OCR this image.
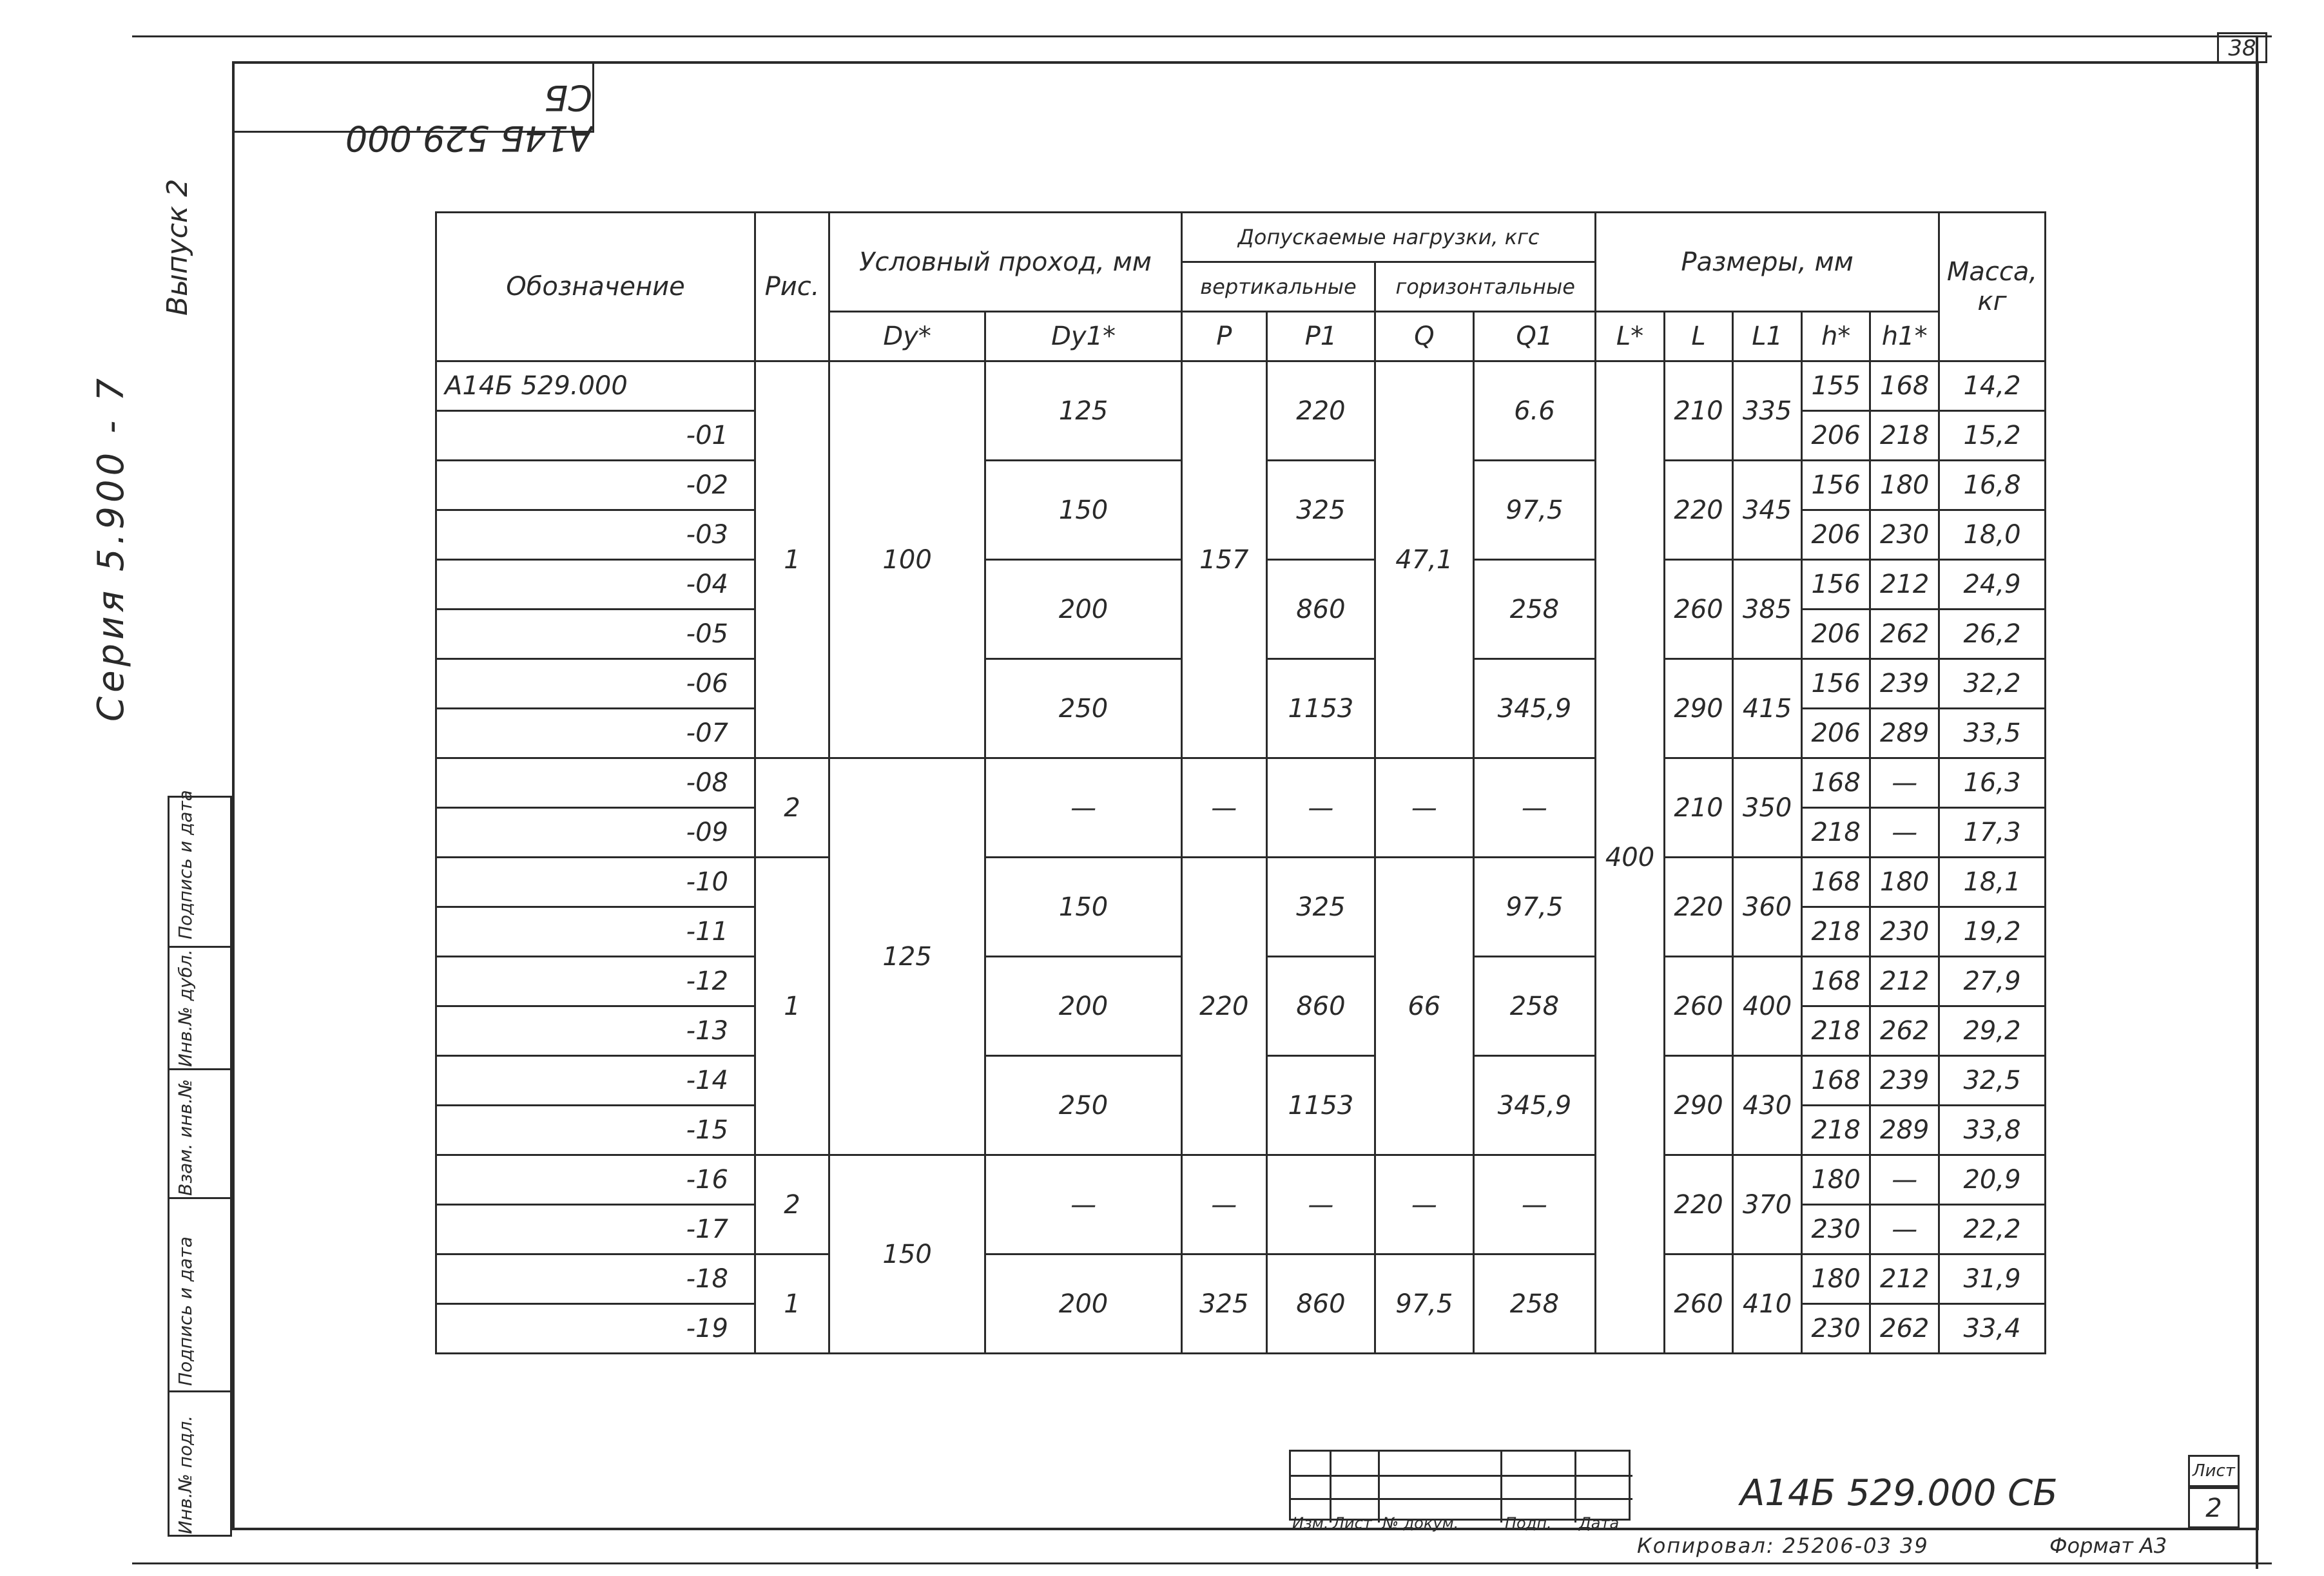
38
А14Б 529.000 СБ
Серия 5.900 - 7
Выпуск 2
Подпись и дата
Инв.№ дубл.
Взам. инв.№
Подпись и дата
Инв.№ подл.
Обозначение	Рис.	Условный проход, мм		Допускаемые нагрузки, кгс				Размеры, мм					Масса, кг
				вертикальные		горизонтальные							
		Dу*	Dу1*	P	P1	Q	Q1	L*	L	L1	h*	h1*	
А14Б 529.000	1	100	125	157	220	47,1	6.6	400	210	335	155	168	14,2
-01											206	218	15,2
-02			150		325		97,5		220	345	156	180	16,8
-03											206	230	18,0
-04			200		860		258		260	385	156	212	24,9
-05											206	262	26,2
-06			250		1153		345,9		290	415	156	239	32,2
-07											206	289	33,5
-08	2	125	—	—	—	—	—		210	350	168	—	16,3
-09											218	—	17,3
-10	1		150	220	325	66	97,5		220	360	168	180	18,1
-11											218	230	19,2
-12			200		860		258		260	400	168	212	27,9
-13											218	262	29,2
-14			250		1153		345,9		290	430	168	239	32,5
-15											218	289	33,8
-16	2	150	—	—	—	—	—		220	370	180	—	20,9
-17											230	—	22,2
-18	1		200	325	860	97,5	258		260	410	180	212	31,9
-19											230	262	33,4
Изм. Лист № докум.	Подп. Дата
А14Б 529.000 СБ
Лист
2
Копировал: 25206-03 39	Формат А3
